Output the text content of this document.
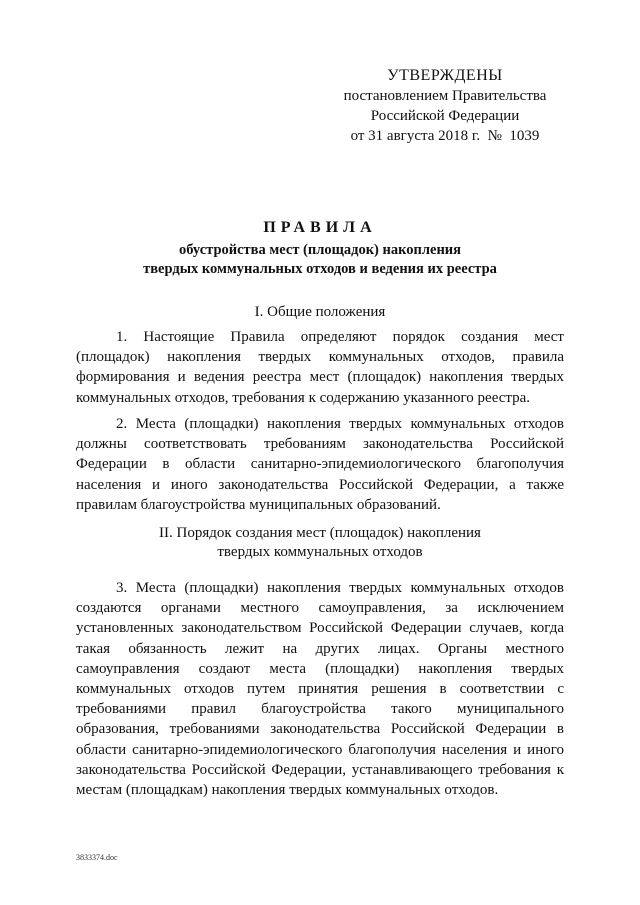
УТВЕРЖДЕНЫ
постановлением Правительства
Российской Федерации
от 31 августа 2018 г.  №  1039
ПРАВИЛА
обустройства мест (площадок) накопления
твердых коммунальных отходов и ведения их реестра
I. Общие положения

1. Настоящие Правила определяют порядок создания мест (площадок) накопления твердых коммунальных отходов, правила формирования и ведения реестра мест (площадок) накопления твердых коммунальных отходов, требования к содержанию указанного реестра.

2. Места (площадки) накопления твердых коммунальных отходов должны соответствовать требованиям законодательства Российской Федерации в области санитарно-эпидемиологического благополучия населения и иного законодательства Российской Федерации, а также правилам благоустройства муниципальных образований.

II. Порядок создания мест (площадок) накопления
твердых коммунальных отходов

3. Места (площадки) накопления твердых коммунальных отходов создаются органами местного самоуправления, за исключением установленных законодательством Российской Федерации случаев, когда такая обязанность лежит на других лицах. Органы местного самоуправления создают места (площадки) накопления твердых коммунальных отходов путем принятия решения в соответствии с требованиями правил благоустройства такого муниципального образования, требованиями законодательства Российской Федерации в области санитарно-эпидемиологического благополучия населения и иного законодательства Российской Федерации, устанавливающего требования к местам (площадкам) накопления твердых коммунальных отходов.

3833374.doc
